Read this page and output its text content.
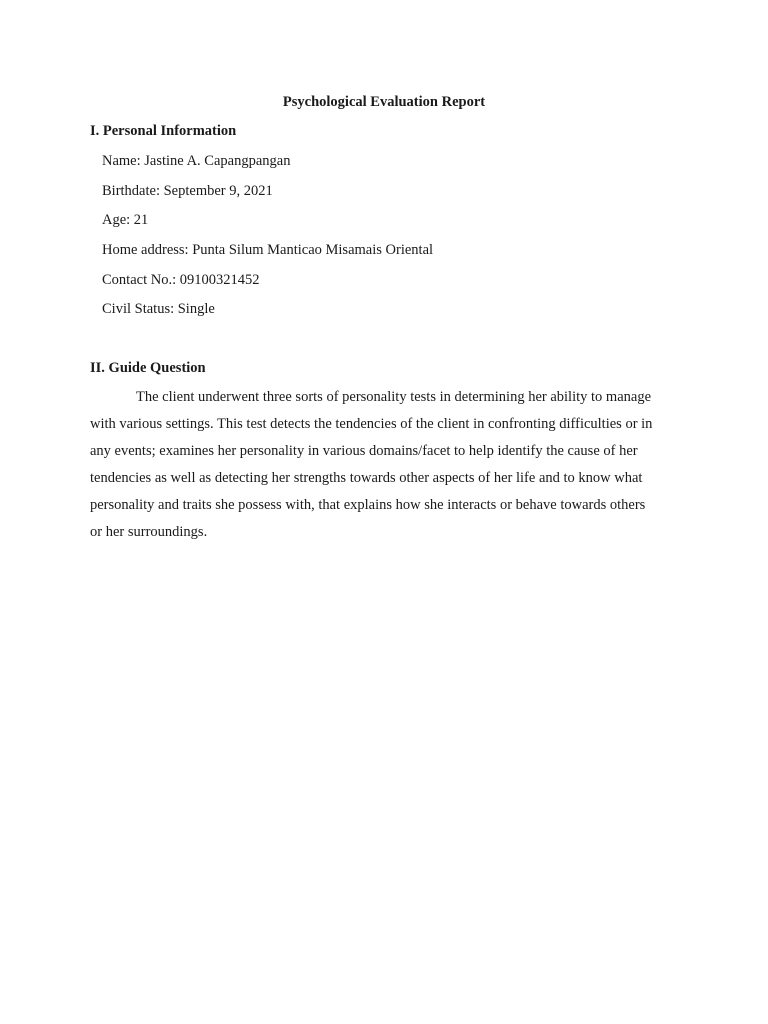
Psychological Evaluation Report
I. Personal Information
Name: Jastine A. Capangpangan
Birthdate: September 9, 2021
Age: 21
Home address: Punta Silum Manticao Misamais Oriental
Contact No.: 09100321452
Civil Status: Single
II. Guide Question
The client underwent three sorts of personality tests in determining her ability to manage
with various settings. This test detects the tendencies of the client in confronting difficulties or in
any events; examines her personality in various domains/facet to help identify the cause of her
tendencies as well as detecting her strengths towards other aspects of her life and to know what
personality and traits she possess with, that explains how she interacts or behave towards others
or her surroundings.
